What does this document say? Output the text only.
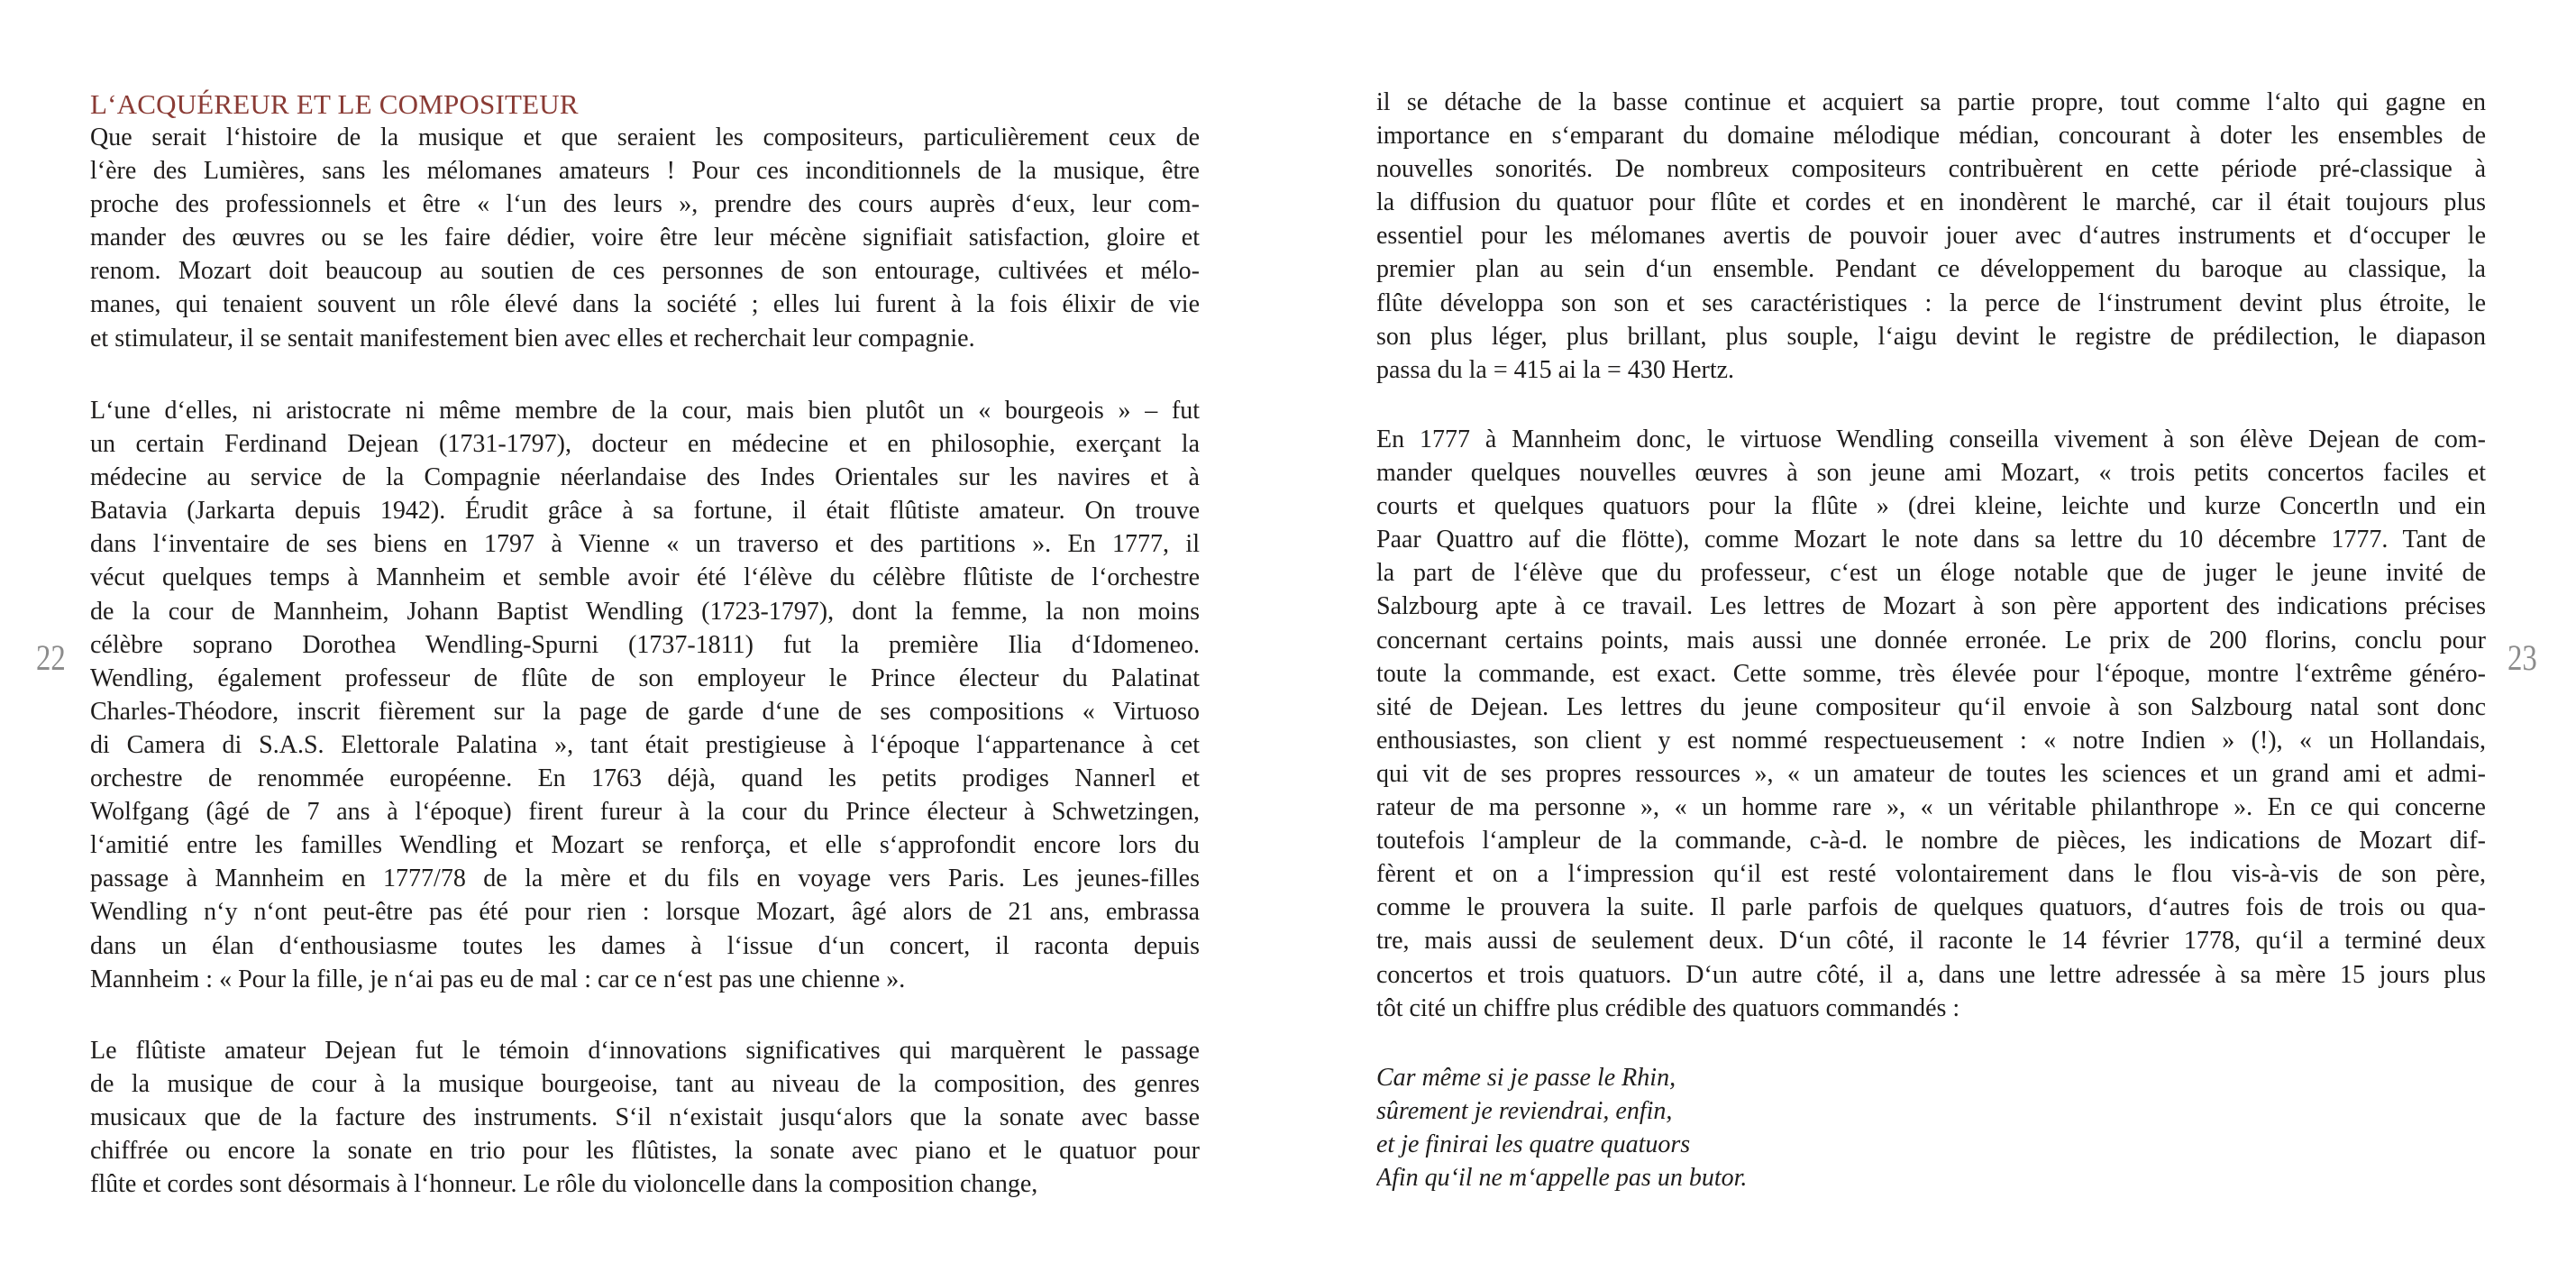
L‘ACQUÉREUR ET LE COMPOSITEUR
Que serait l‘histoire de la musique et que seraient les compositeurs, particulièrement ceux de
l‘ère des Lumières, sans les mélomanes amateurs ! Pour ces inconditionnels de la musique, être
proche des professionnels et être « l‘un des leurs », prendre des cours auprès d‘eux, leur com-
mander des œuvres ou se les faire dédier, voire être leur mécène signifiait satisfaction, gloire et
renom. Mozart doit beaucoup au soutien de ces personnes de son entourage, cultivées et mélo-
manes, qui tenaient souvent un rôle élevé dans la société ; elles lui furent à la fois élixir de vie
et stimulateur, il se sentait manifestement bien avec elles et recherchait leur compagnie.
L‘une d‘elles, ni aristocrate ni même membre de la cour, mais bien plutôt un « bourgeois » – fut
un certain Ferdinand Dejean (1731-1797), docteur en médecine et en philosophie, exerçant la
médecine au service de la Compagnie néerlandaise des Indes Orientales sur les navires et à
Batavia (Jarkarta depuis 1942). Érudit grâce à sa fortune, il était flûtiste amateur. On trouve
dans l‘inventaire de ses biens en 1797 à Vienne « un traverso et des partitions ». En 1777, il
vécut quelques temps à Mannheim et semble avoir été l‘élève du célèbre flûtiste de l‘orchestre
de la cour de Mannheim, Johann Baptist Wendling (1723-1797), dont la femme, la non moins
célèbre soprano Dorothea Wendling-Spurni (1737-1811) fut la première Ilia d‘Idomeneo.
Wendling, également professeur de flûte de son employeur le Prince électeur du Palatinat
Charles-Théodore, inscrit fièrement sur la page de garde d‘une de ses compositions « Virtuoso
di Camera di S.A.S. Elettorale Palatina », tant était prestigieuse à l‘époque l‘appartenance à cet
orchestre de renommée européenne. En 1763 déjà, quand les petits prodiges Nannerl et
Wolfgang (âgé de 7 ans à l‘époque) firent fureur à la cour du Prince électeur à Schwetzingen,
l‘amitié entre les familles Wendling et Mozart se renforça, et elle s‘approfondit encore lors du
passage à Mannheim en 1777/78 de la mère et du fils en voyage vers Paris. Les jeunes-filles
Wendling n‘y n‘ont peut-être pas été pour rien : lorsque Mozart, âgé alors de 21 ans, embrassa
dans un élan d‘enthousiasme toutes les dames à l‘issue d‘un concert, il raconta depuis
Mannheim : « Pour la fille, je n‘ai pas eu de mal : car ce n‘est pas une chienne ».
Le flûtiste amateur Dejean fut le témoin d‘innovations significatives qui marquèrent le passage
de la musique de cour à la musique bourgeoise, tant au niveau de la composition, des genres
musicaux que de la facture des instruments. S‘il n‘existait jusqu‘alors que la sonate avec basse
chiffrée ou encore la sonate en trio pour les flûtistes, la sonate avec piano et le quatuor pour
flûte et cordes sont désormais à l‘honneur. Le rôle du violoncelle dans la composition change,
22
il se détache de la basse continue et acquiert sa partie propre, tout comme l‘alto qui gagne en
importance en s‘emparant du domaine mélodique médian, concourant à doter les ensembles de
nouvelles sonorités. De nombreux compositeurs contribuèrent en cette période pré-classique à
la diffusion du quatuor pour flûte et cordes et en inondèrent le marché, car il était toujours plus
essentiel pour les mélomanes avertis de pouvoir jouer avec d‘autres instruments et d‘occuper le
premier plan au sein d‘un ensemble. Pendant ce développement du baroque au classique, la
flûte développa son son et ses caractéristiques : la perce de l‘instrument devint plus étroite, le
son plus léger, plus brillant, plus souple, l‘aigu devint le registre de prédilection, le diapason
passa du la = 415 ai la = 430 Hertz.
En 1777 à Mannheim donc, le virtuose Wendling conseilla vivement à son élève Dejean de com-
mander quelques nouvelles œuvres à son jeune ami Mozart, « trois petits concertos faciles et
courts et quelques quatuors pour la flûte » (drei kleine, leichte und kurze Concertln und ein
Paar Quattro auf die flötte), comme Mozart le note dans sa lettre du 10 décembre 1777. Tant de
la part de l‘élève que du professeur, c‘est un éloge notable que de juger le jeune invité de
Salzbourg apte à ce travail. Les lettres de Mozart à son père apportent des indications précises
concernant certains points, mais aussi une donnée erronée. Le prix de 200 florins, conclu pour
toute la commande, est exact. Cette somme, très élevée pour l‘époque, montre l‘extrême généro-
sité de Dejean. Les lettres du jeune compositeur qu‘il envoie à son Salzbourg natal sont donc
enthousiastes, son client y est nommé respectueusement : « notre Indien » (!), « un Hollandais,
qui vit de ses propres ressources », « un amateur de toutes les sciences et un grand ami et admi-
rateur de ma personne », « un homme rare », « un véritable philanthrope ». En ce qui concerne
toutefois l‘ampleur de la commande, c-à-d. le nombre de pièces, les indications de Mozart dif-
fèrent et on a l‘impression qu‘il est resté volontairement dans le flou vis-à-vis de son père,
comme le prouvera la suite. Il parle parfois de quelques quatuors, d‘autres fois de trois ou qua-
tre, mais aussi de seulement deux. D‘un côté, il raconte le 14 février 1778, qu‘il a terminé deux
concertos et trois quatuors. D‘un autre côté, il a, dans une lettre adressée à sa mère 15 jours plus
tôt cité un chiffre plus crédible des quatuors commandés :
Car même si je passe le Rhin,
sûrement je reviendrai, enfin,
et je finirai les quatre quatuors
Afin qu‘il ne m‘appelle pas un butor.
23
